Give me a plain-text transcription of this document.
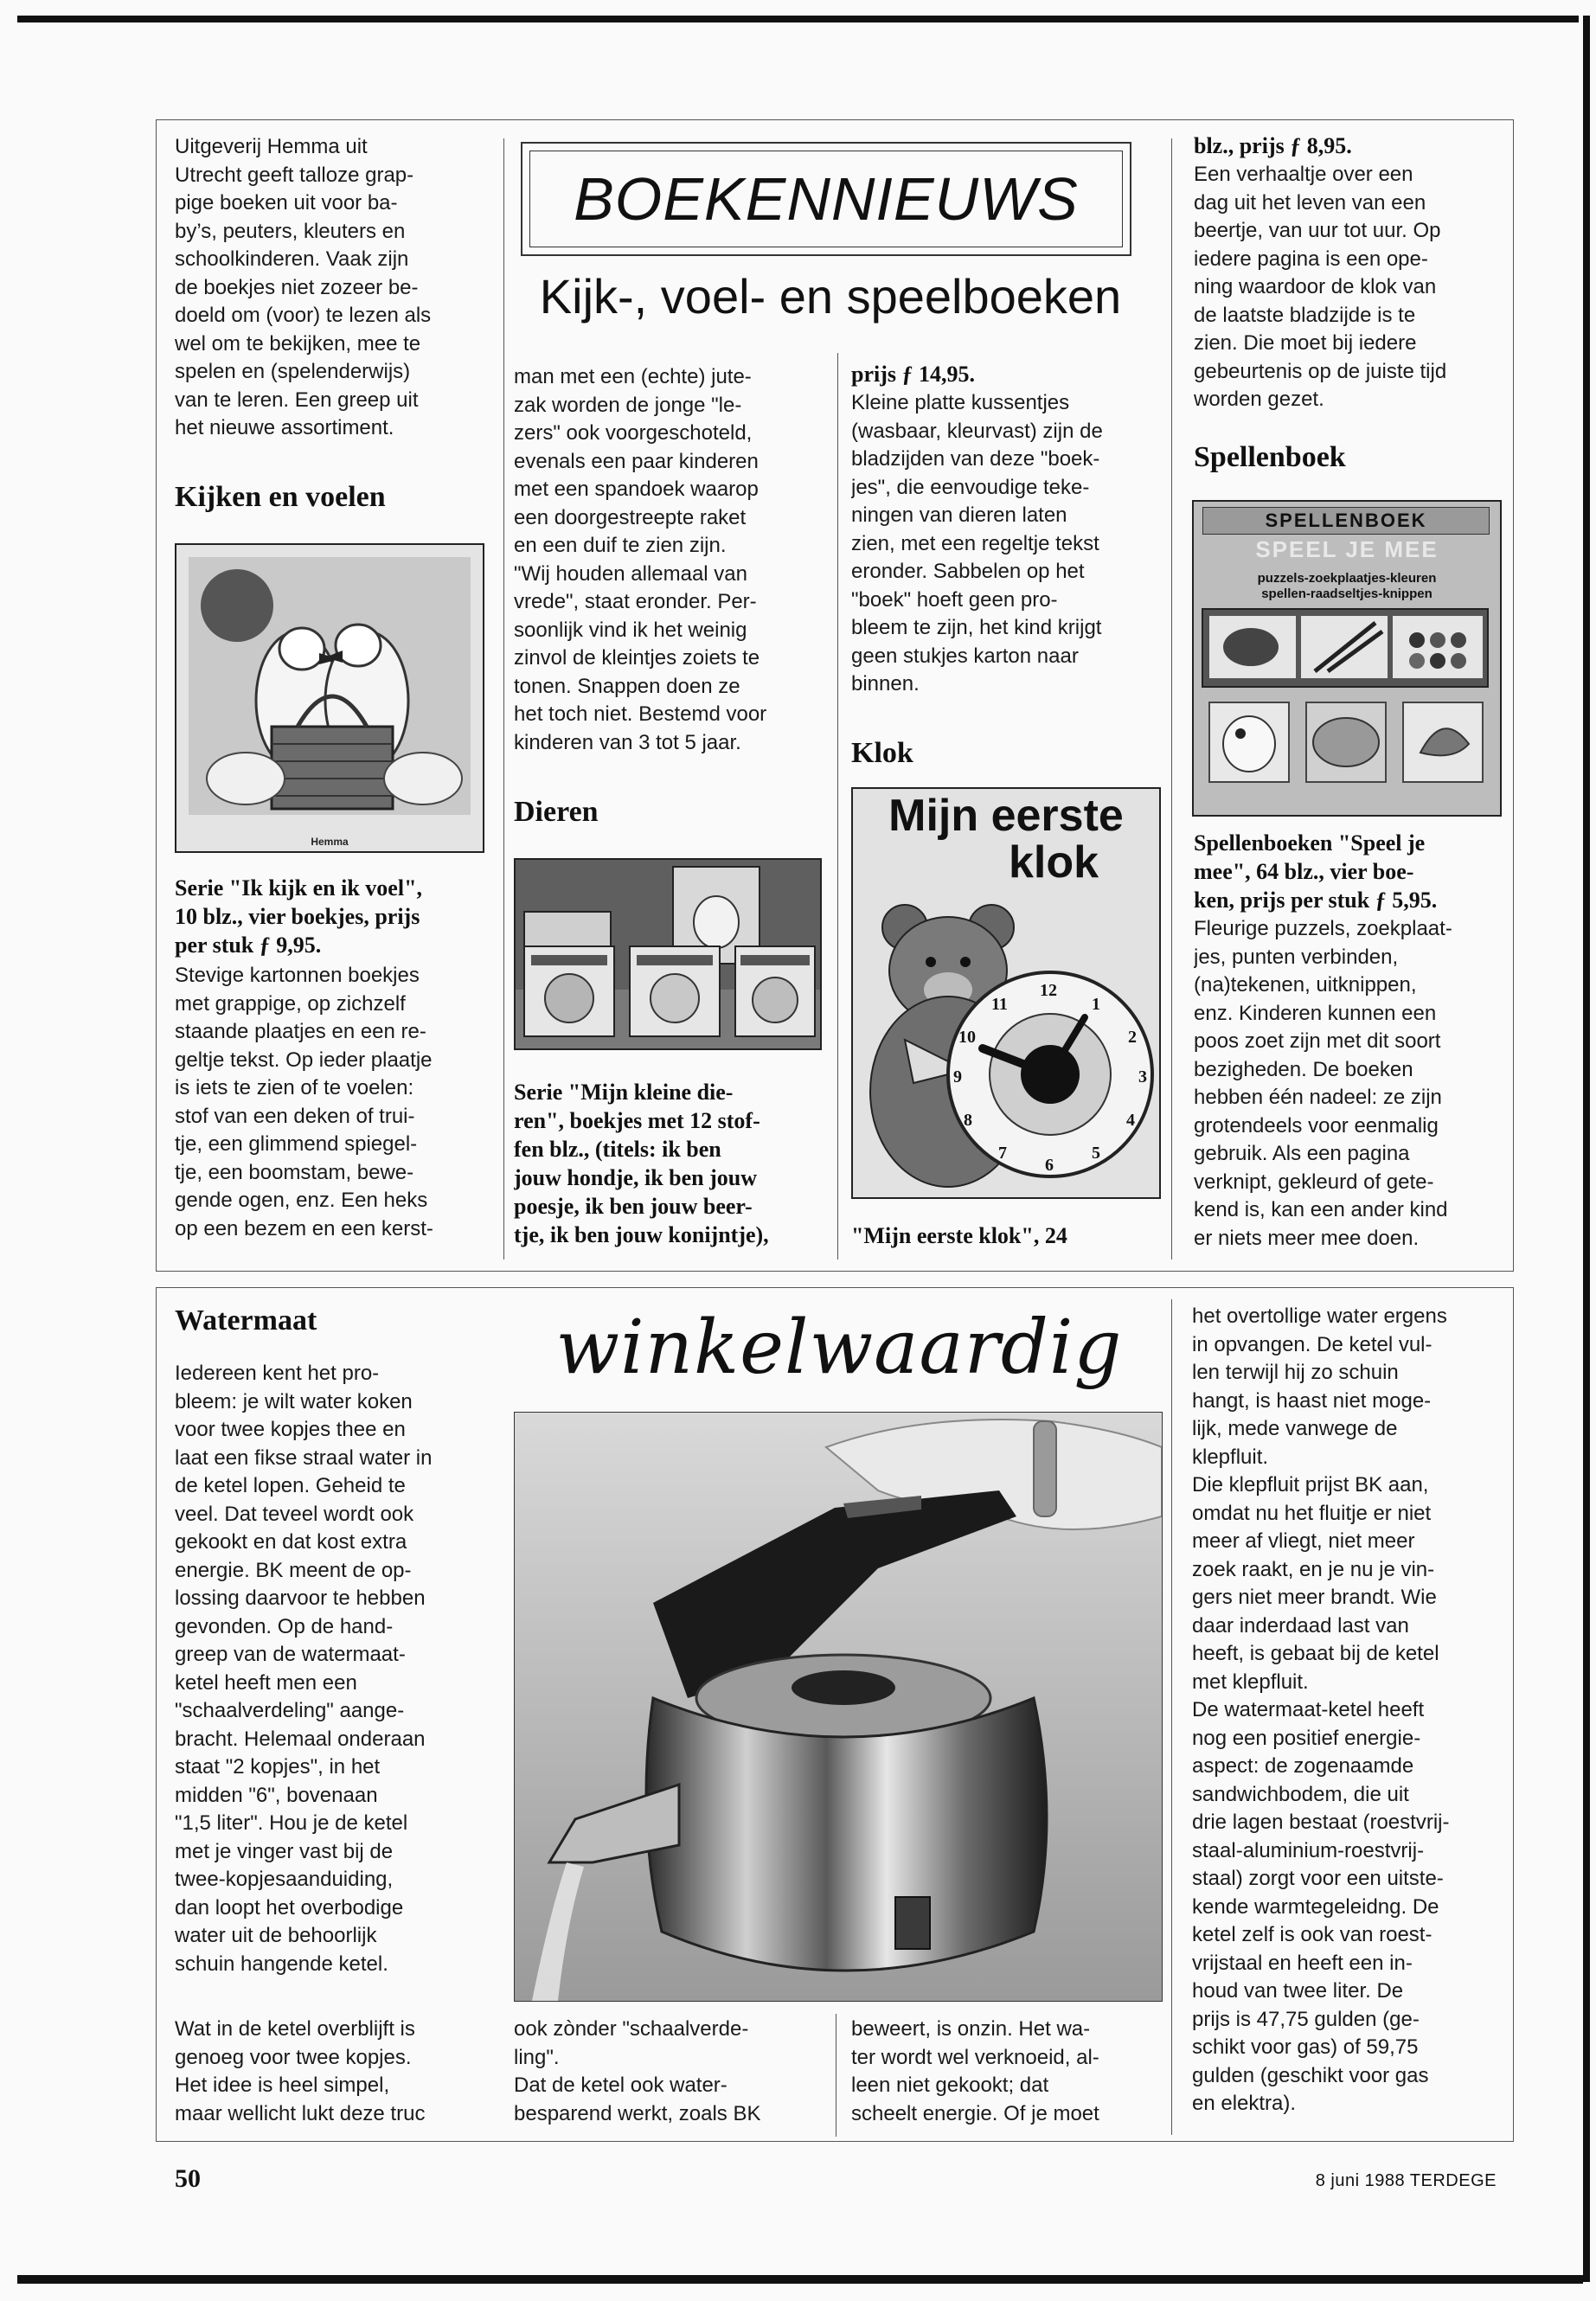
Uitgeverij Hemma uit

Utrecht geeft talloze grap-

pige boeken uit voor ba-

by’s, peuters, kleuters en

schoolkinderen. Vaak zijn

de boekjes niet zozeer be-

doeld om (voor) te lezen als

wel om te bekijken, mee te

spelen en (spelenderwijs)

van te leren. Een greep uit

het nieuwe assortiment.

Kijken en voelen
Hemma

Serie "Ik kijk en ik voel",

10 blz., vier boekjes, prijs

per stuk ƒ 9,95.

Stevige kartonnen boekjes

met grappige, op zichzelf

staande plaatjes en een re-

geltje tekst. Op ieder plaatje

is iets te zien of te voelen:

stof van een deken of trui-

tje, een glimmend spiegel-

tje, een boomstam, bewe-

gende ogen, enz. Een heks

op een bezem en een kerst-

BOEKENNIEUWS
Kijk-, voel- en speelboeken

man met een (echte) jute-

zak worden de jonge "le-

zers" ook voorgeschoteld,

evenals een paar kinderen

met een spandoek waarop

een doorgestreepte raket

en een duif te zien zijn.

"Wij houden allemaal van

vrede", staat eronder. Per-

soonlijk vind ik het weinig

zinvol de kleintjes zoiets te

tonen. Snappen doen ze

het toch niet. Bestemd voor

kinderen van 3 tot 5 jaar.

Dieren

Serie "Mijn kleine die-

ren", boekjes met 12 stof-

fen blz., (titels: ik ben

jouw hondje, ik ben jouw

poesje, ik ben jouw beer-

tje, ik ben jouw konijntje),

prijs ƒ 14,95.

Kleine platte kussentjes

(wasbaar, kleurvast) zijn de

bladzijden van deze "boek-

jes", die eenvoudige teke-

ningen van dieren laten

zien, met een regeltje tekst

eronder. Sabbelen op het

"boek" hoeft geen pro-

bleem te zijn, het kind krijgt

geen stukjes karton naar

binnen.

Klok
Mijn eerste
klok
12
1
2
3
4
5
6
7
8
9
10
11
"Mijn eerste klok", 24
blz., prijs ƒ 8,95.

Een verhaaltje over een

dag uit het leven van een

beertje, van uur tot uur. Op

iedere pagina is een ope-

ning waardoor de klok van

de laatste bladzijde is te

zien. Die moet bij iedere

gebeurtenis op de juiste tijd

worden gezet.

Spellenboek
SPELLENBOEK
SPEEL JE MEE
puzzels-zoekplaatjes-kleuren
spellen-raadseltjes-knippen

Spellenboeken "Speel je

mee", 64 blz., vier boe-

ken, prijs per stuk ƒ 5,95.

Fleurige puzzels, zoekplaat-

jes, punten verbinden,

(na)tekenen, uitknippen,

enz. Kinderen kunnen een

poos zoet zijn met dit soort

bezigheden. De boeken

hebben één nadeel: ze zijn

grotendeels voor eenmalig

gebruik. Als een pagina

verknipt, gekleurd of gete-

kend is, kan een ander kind

er niets meer mee doen.

Watermaat

Iedereen kent het pro-

bleem: je wilt water koken

voor twee kopjes thee en

laat een fikse straal water in

de ketel lopen. Geheid te

veel. Dat teveel wordt ook

gekookt en dat kost extra

energie. BK meent de op-

lossing daarvoor te hebben

gevonden. Op de hand-

greep van de watermaat-

ketel heeft men een

"schaalverdeling" aange-

bracht. Helemaal onderaan

staat "2 kopjes", in het

midden "6", bovenaan

"1,5 liter". Hou je de ketel

met je vinger vast bij de

twee-kopjesaanduiding,

dan loopt het overbodige

water uit de behoorlijk

schuin hangende ketel.

Wat in de ketel overblijft is

genoeg voor twee kopjes.

Het idee is heel simpel,

maar wellicht lukt deze truc

winkelwaardig

ook zònder "schaalverde-

ling".

Dat de ketel ook water-

besparend werkt, zoals BK

beweert, is onzin. Het wa-

ter wordt wel verknoeid, al-

leen niet gekookt; dat

scheelt energie. Of je moet

het overtollige water ergens

in opvangen. De ketel vul-

len terwijl hij zo schuin

hangt, is haast niet moge-

lijk, mede vanwege de

klepfluit.

Die klepfluit prijst BK aan,

omdat nu het fluitje er niet

meer af vliegt, niet meer

zoek raakt, en je nu je vin-

gers niet meer brandt. Wie

daar inderdaad last van

heeft, is gebaat bij de ketel

met klepfluit.

De watermaat-ketel heeft

nog een positief energie-

aspect: de zogenaamde

sandwichbodem, die uit

drie lagen bestaat (roestvrij-

staal-aluminium-roestvrij-

staal) zorgt voor een uitste-

kende warmtegeleidng. De

ketel zelf is ook van roest-

vrijstaal en heeft een in-

houd van twee liter. De

prijs is 47,75 gulden (ge-

schikt voor gas) of 59,75

gulden (geschikt voor gas

en elektra).

50	8 juni 1988 TERDEGE
